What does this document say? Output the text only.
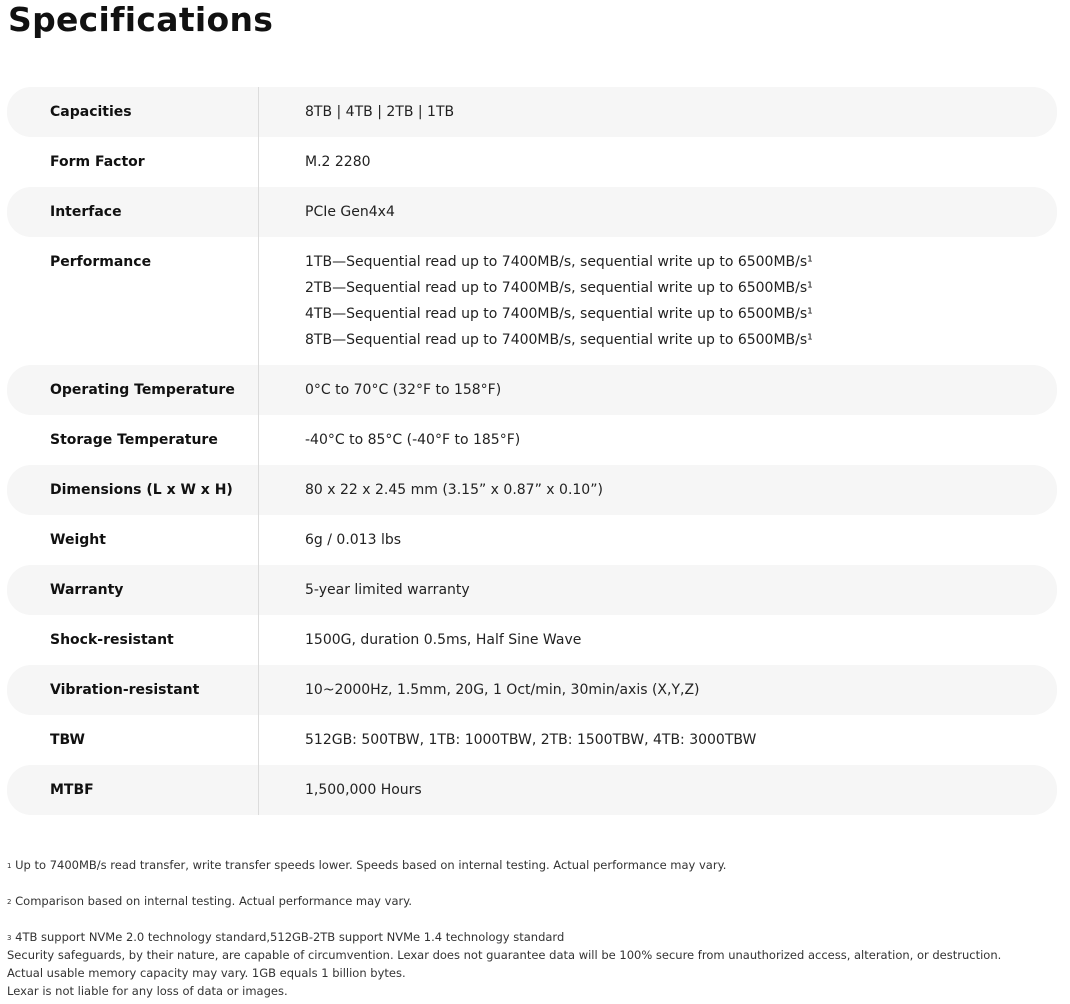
Specifications
Capacities	8TB | 4TB | 2TB | 1TB
Form Factor	M.2 2280
Interface	PCIe Gen4x4
Performance	1TB—Sequential read up to 7400MB/s, sequential write up to 6500MB/s¹
2TB—Sequential read up to 7400MB/s, sequential write up to 6500MB/s¹
4TB—Sequential read up to 7400MB/s, sequential write up to 6500MB/s¹
8TB—Sequential read up to 7400MB/s, sequential write up to 6500MB/s¹
Operating Temperature	0°C to 70°C (32°F to 158°F)
Storage Temperature	-40°C to 85°C (-40°F to 185°F)
Dimensions (L x W x H)	80 x 22 x 2.45 mm (3.15” x 0.87” x 0.10”)
Weight	6g / 0.013 lbs
Warranty	5-year limited warranty
Shock-resistant	1500G, duration 0.5ms, Half Sine Wave
Vibration-resistant	10~2000Hz, 1.5mm, 20G, 1 Oct/min, 30min/axis (X,Y,Z)
TBW	512GB: 500TBW, 1TB: 1000TBW, 2TB: 1500TBW, 4TB: 3000TBW
MTBF	1,500,000 Hours

$^1$ Up to 7400MB/s read transfer, write transfer speeds lower. Speeds based on internal testing. Actual performance may vary.

$^2$ Comparison based on internal testing. Actual performance may vary.

$^3$ 4TB support NVMe 2.0 technology standard,512GB-2TB support NVMe 1.4 technology standard

Security safeguards, by their nature, are capable of circumvention. Lexar does not guarantee data will be 100% secure from unauthorized access, alteration, or destruction.

Actual usable memory capacity may vary. 1GB equals 1 billion bytes.

Lexar is not liable for any loss of data or images.
